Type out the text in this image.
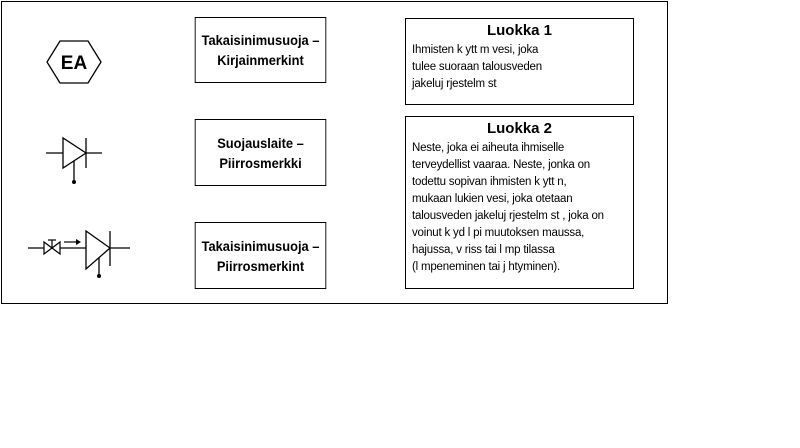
EA
Takaisinimusuoja –
Kirjainmerkint
Suojauslaite –
Piirrosmerkki
Takaisinimusuoja –
Piirrosmerkint
Luokka 1
Ihmisten k ytt m vesi, joka
tulee suoraan talousveden
jakeluj rjestelm st
Luokka 2
Neste, joka ei aiheuta ihmiselle
terveydellist vaaraa. Neste, jonka on
todettu sopivan ihmisten k ytt n,
mukaan lukien vesi, joka otetaan
talousveden jakeluj rjestelm st , joka on
voinut k yd l pi muutoksen maussa,
hajussa, v riss tai l mp tilassa
(l mpeneminen tai j htyminen).
